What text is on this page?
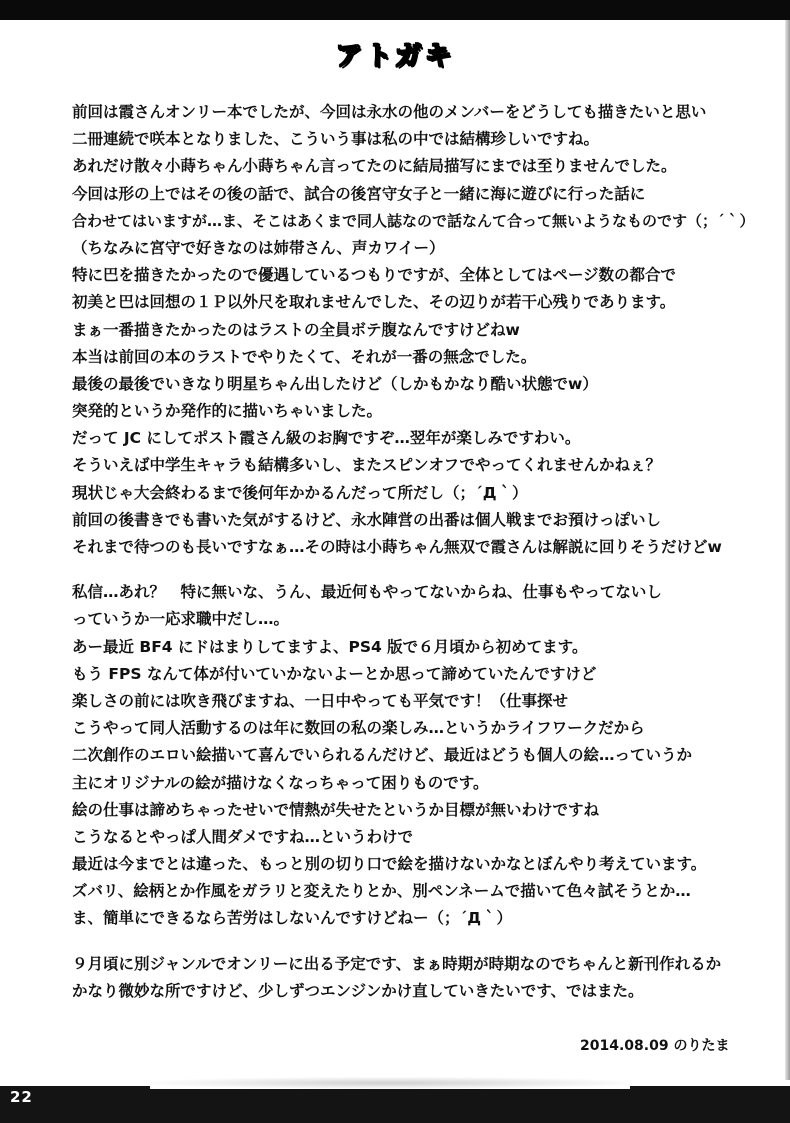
アトガキ
前回は霞さんオンリー本でしたが、今回は永水の他のメンバーをどうしても描きたいと思い
二冊連続で咲本となりました、こういう事は私の中では結構珍しいですね。
あれだけ散々小蒔ちゃん小蒔ちゃん言ってたのに結局描写にまでは至りませんでした。
今回は形の上ではその後の話で、試合の後宮守女子と一緒に海に遊びに行った話に
合わせてはいますが…ま、そこはあくまで同人誌なので話なんて合って無いようなものです（；´｀）
（ちなみに宮守で好きなのは姉帯さん、声カワイー）
特に巴を描きたかったので優遇しているつもりですが、全体としてはページ数の都合で
初美と巴は回想の１Ｐ以外尺を取れませんでした、その辺りが若干心残りであります。
まぁ一番描きたかったのはラストの全員ボテ腹なんですけどねw
本当は前回の本のラストでやりたくて、それが一番の無念でした。
最後の最後でいきなり明星ちゃん出したけど（しかもかなり酷い状態でw）
突発的というか発作的に描いちゃいました。
だって JC にしてポスト霞さん級のお胸ですぞ…翌年が楽しみですわい。
そういえば中学生キャラも結構多いし、またスピンオフでやってくれませんかねぇ？
現状じゃ大会終わるまで後何年かかるんだって所だし（；´Д｀）
前回の後書きでも書いた気がするけど、永水陣営の出番は個人戦までお預けっぽいし
それまで待つのも長いですなぁ…その時は小蒔ちゃん無双で霞さんは解説に回りそうだけどw
私信…あれ？　特に無いな、うん、最近何もやってないからね、仕事もやってないし
っていうか一応求職中だし…。
あー最近 BF4 にドはまりしてますよ、PS4 版で６月頃から初めてます。
もう FPS なんて体が付いていかないよーとか思って諦めていたんですけど
楽しさの前には吹き飛びますね、一日中やっても平気です！（仕事探せ
こうやって同人活動するのは年に数回の私の楽しみ…というかライフワークだから
二次創作のエロい絵描いて喜んでいられるんだけど、最近はどうも個人の絵…っていうか
主にオリジナルの絵が描けなくなっちゃって困りものです。
絵の仕事は諦めちゃったせいで情熱が失せたというか目標が無いわけですね
こうなるとやっぱ人間ダメですね…というわけで
最近は今までとは違った、もっと別の切り口で絵を描けないかなとぼんやり考えています。
ズバリ、絵柄とか作風をガラリと変えたりとか、別ペンネームで描いて色々試そうとか…
ま、簡単にできるなら苦労はしないんですけどねー（；´Д｀）
９月頃に別ジャンルでオンリーに出る予定です、まぁ時期が時期なのでちゃんと新刊作れるか
かなり微妙な所ですけど、少しずつエンジンかけ直していきたいです、ではまた。
2014.08.09 のりたま
22
